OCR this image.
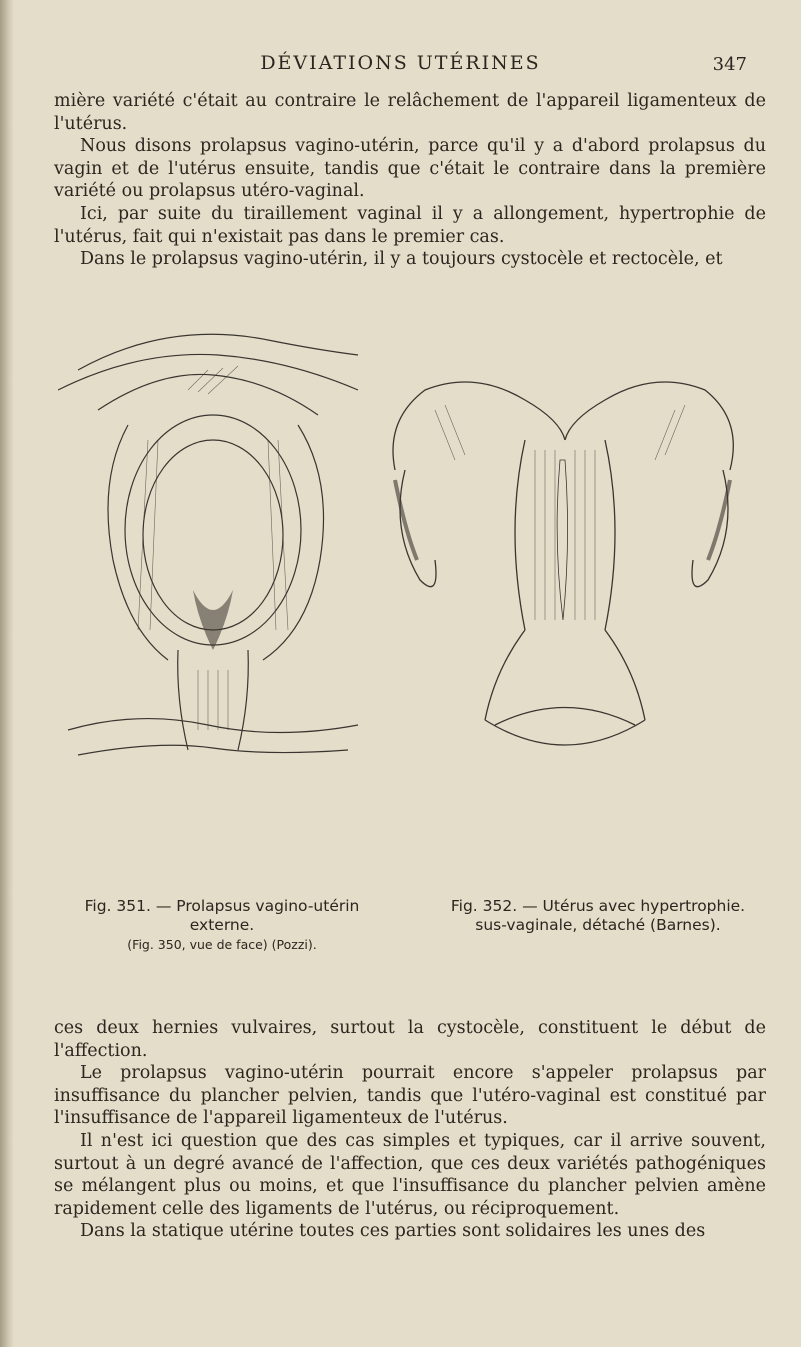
DÉVIATIONS UTÉRINES	347

mière variété c'était au contraire le relâchement de l'appareil ligamenteux de l'utérus.

Nous disons prolapsus vagino-utérin, parce qu'il y a d'abord prolapsus du vagin et de l'utérus ensuite, tandis que c'était le contraire dans la première variété ou prolapsus utéro-vaginal.

Ici, par suite du tiraillement vaginal il y a allongement, hypertrophie de l'utérus, fait qui n'existait pas dans le premier cas.

Dans le prolapsus vagino-utérin, il y a toujours cystocèle et rectocèle, et

Fig. 351. — Prolapsus vagino-utérin externe.
(Fig. 350, vue de face) (Pozzi).
Fig. 352. — Utérus avec hypertrophie.
sus-vaginale, détaché (Barnes).

ces deux hernies vulvaires, surtout la cystocèle, constituent le début de l'affection.

Le prolapsus vagino-utérin pourrait encore s'appeler prolapsus par insuffisance du plancher pelvien, tandis que l'utéro-vaginal est constitué par l'insuffisance de l'appareil ligamenteux de l'utérus.

Il n'est ici question que des cas simples et typiques, car il arrive souvent, surtout à un degré avancé de l'affection, que ces deux variétés pathogéniques se mélangent plus ou moins, et que l'insuffisance du plancher pelvien amène rapidement celle des ligaments de l'utérus, ou réciproquement.

Dans la statique utérine toutes ces parties sont solidaires les unes des
